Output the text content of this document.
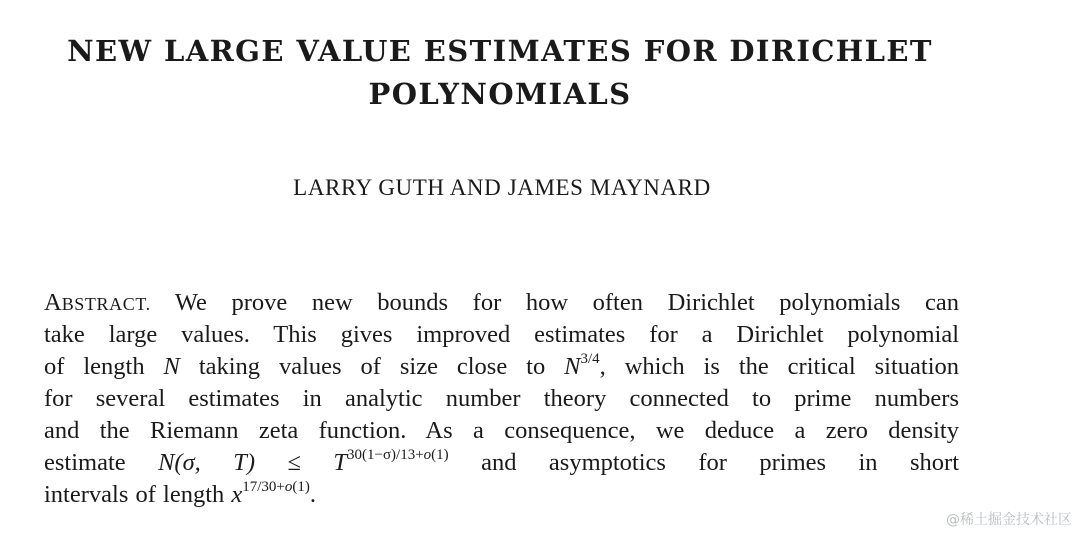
NEW LARGE VALUE ESTIMATES FOR DIRICHLET
POLYNOMIALS
LARRY GUTH AND JAMES MAYNARD
ABSTRACT. We prove new bounds for how often Dirichlet polynomials can
take large values. This gives improved estimates for a Dirichlet polynomial
of length N taking values of size close to $N^{3/4}$, which is the critical situation
for several estimates in analytic number theory connected to prime numbers
and the Riemann zeta function. As a consequence, we deduce a zero density
estimate N(σ, $T) \le T^{30(1-\sigma)/13+o(1)}$ and asymptotics for primes in short
intervals of length $x^{17/30+o(1)}$.
@稀土掘金技术社区
